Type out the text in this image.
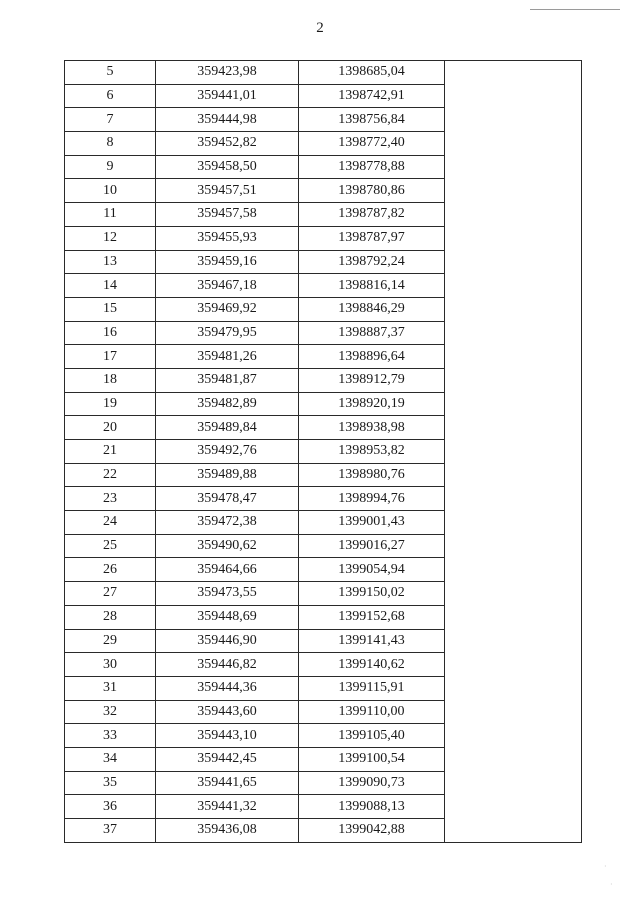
2
5	359423,98	1398685,04	
6	359441,01	1398742,91	
7	359444,98	1398756,84	
8	359452,82	1398772,40	
9	359458,50	1398778,88	
10	359457,51	1398780,86	
11	359457,58	1398787,82	
12	359455,93	1398787,97	
13	359459,16	1398792,24	
14	359467,18	1398816,14	
15	359469,92	1398846,29	
16	359479,95	1398887,37	
17	359481,26	1398896,64	
18	359481,87	1398912,79	
19	359482,89	1398920,19	
20	359489,84	1398938,98	
21	359492,76	1398953,82	
22	359489,88	1398980,76	
23	359478,47	1398994,76	
24	359472,38	1399001,43	
25	359490,62	1399016,27	
26	359464,66	1399054,94	
27	359473,55	1399150,02	
28	359448,69	1399152,68	
29	359446,90	1399141,43	
30	359446,82	1399140,62	
31	359444,36	1399115,91	
32	359443,60	1399110,00	
33	359443,10	1399105,40	
34	359442,45	1399100,54	
35	359441,65	1399090,73	
36	359441,32	1399088,13	
37	359436,08	1399042,88	
·
·
